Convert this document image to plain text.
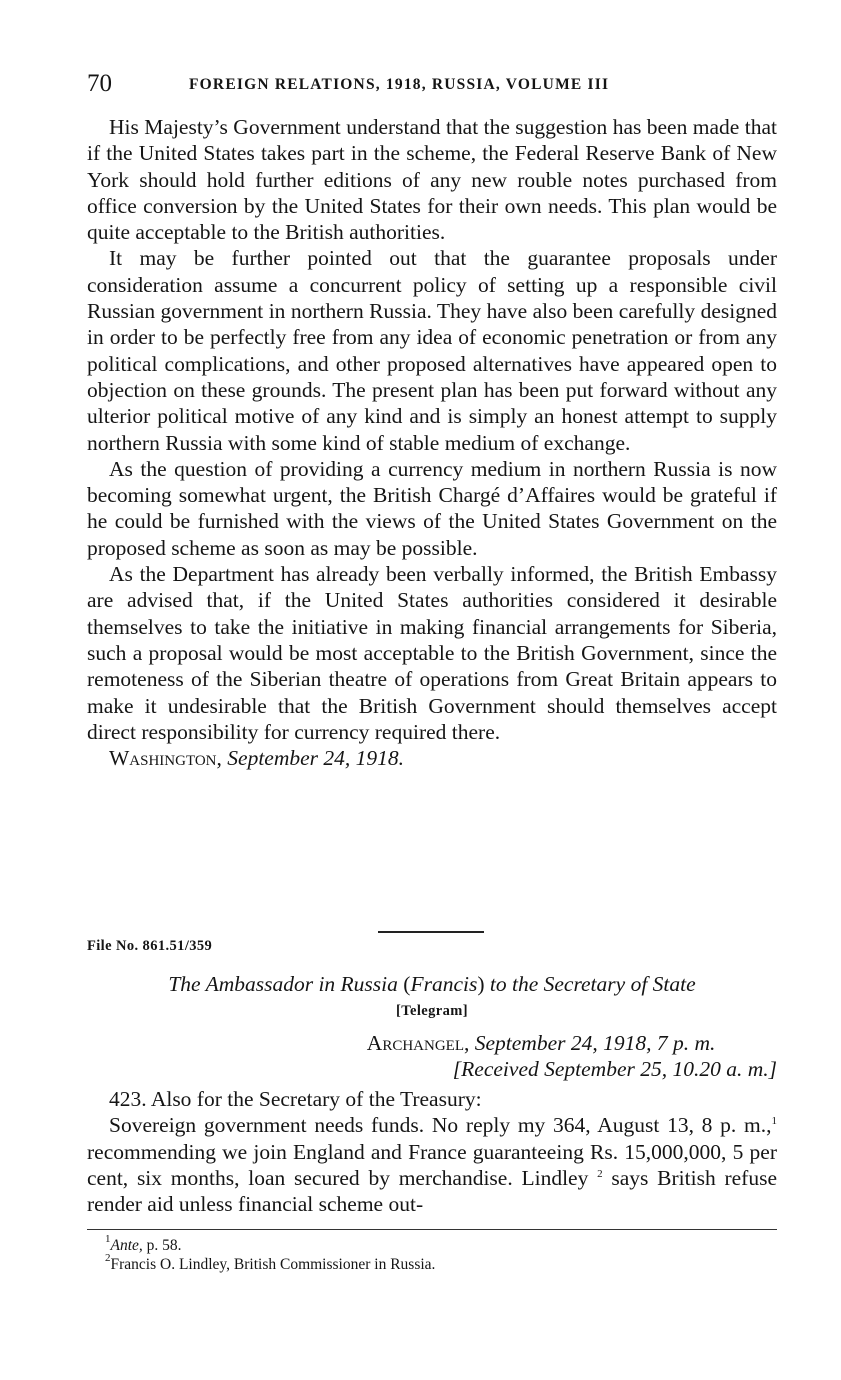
70	FOREIGN RELATIONS, 1918, RUSSIA, VOLUME III

His Majesty’s Government understand that the suggestion has been made that if the United States takes part in the scheme, the Federal Reserve Bank of New York should hold further editions of any new rouble notes purchased from office conversion by the United States for their own needs. This plan would be quite acceptable to the British authorities.

It may be further pointed out that the guarantee proposals under consideration assume a concurrent policy of setting up a responsible civil Russian government in northern Russia. They have also been carefully designed in order to be perfectly free from any idea of economic penetration or from any political complications, and other proposed alternatives have appeared open to objection on these grounds. The present plan has been put forward without any ulterior political motive of any kind and is simply an honest attempt to supply northern Russia with some kind of stable medium of exchange.

As the question of providing a currency medium in northern Russia is now becoming somewhat urgent, the British Chargé d’Affaires would be grateful if he could be furnished with the views of the United States Government on the proposed scheme as soon as may be possible.

As the Department has already been verbally informed, the British Embassy are advised that, if the United States authorities considered it desirable themselves to take the initiative in making financial arrangements for Siberia, such a proposal would be most acceptable to the British Government, since the remoteness of the Siberian theatre of operations from Great Britain appears to make it undesirable that the British Government should themselves accept direct responsibility for currency required there.

Washington, September 24, 1918.

File No. 861.51/359
The Ambassador in Russia (Francis) to the Secretary of State
[Telegram]
Archangel, September 24, 1918, 7 p. m.
[Received September 25, 10.20 a. m.]

423. Also for the Secretary of the Treasury:

Sovereign government needs funds. No reply my 364, August 13, 8 p. m.,$^1$ recommending we join England and France guaranteeing Rs. 15,000,000, 5 per cent, six months, loan secured by merchandise. Lindley $^2$ says British refuse render aid unless financial scheme out-

$^1$Ante, p. 58.
$^2$Francis O. Lindley, British Commissioner in Russia.
